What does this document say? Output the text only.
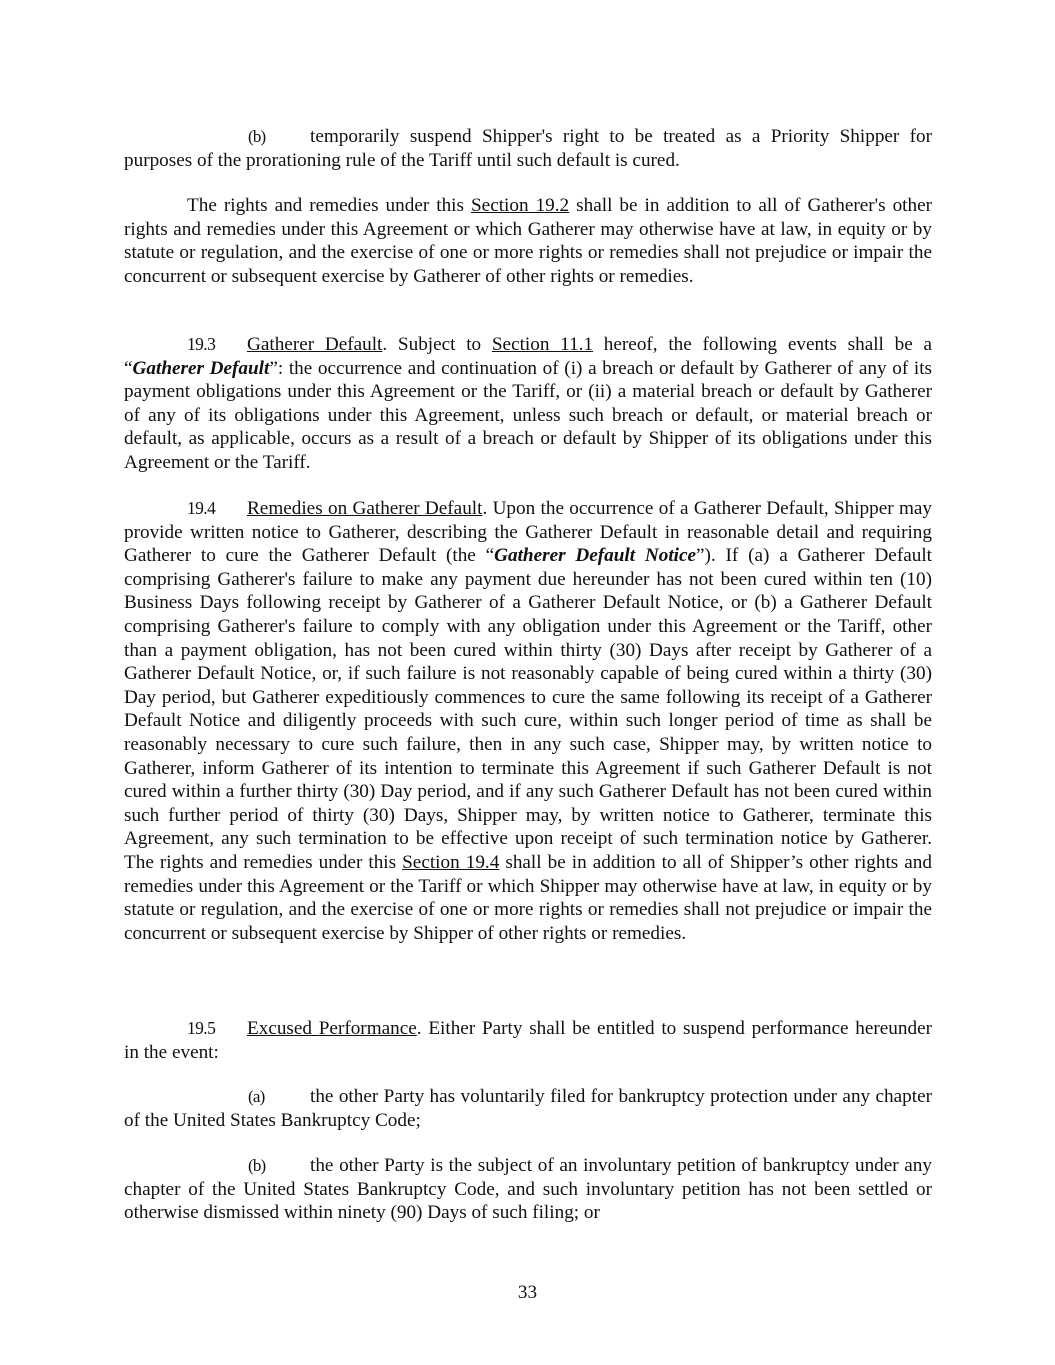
(b) temporarily suspend Shipper's right to be treated as a Priority Shipper for purposes of the prorationing rule of the Tariff until such default is cured.

The rights and remedies under this Section 19.2 shall be in addition to all of Gatherer's other rights and remedies under this Agreement or which Gatherer may otherwise have at law, in equity or by statute or regulation, and the exercise of one or more rights or remedies shall not prejudice or impair the concurrent or subsequent exercise by Gatherer of other rights or remedies.

19.3 Gatherer Default. Subject to Section 11.1 hereof, the following events shall be a “Gatherer Default”: the occurrence and continuation of (i) a breach or default by Gatherer of any of its payment obligations under this Agreement or the Tariff, or (ii) a material breach or default by Gatherer of any of its obligations under this Agreement, unless such breach or default, or material breach or default, as applicable, occurs as a result of a breach or default by Shipper of its obligations under this Agreement or the Tariff.

19.4 Remedies on Gatherer Default. Upon the occurrence of a Gatherer Default, Shipper may provide written notice to Gatherer, describing the Gatherer Default in reasonable detail and requiring Gatherer to cure the Gatherer Default (the “Gatherer Default Notice”). If (a) a Gatherer Default comprising Gatherer's failure to make any payment due hereunder has not been cured within ten (10) Business Days following receipt by Gatherer of a Gatherer Default Notice, or (b) a Gatherer Default comprising Gatherer's failure to comply with any obligation under this Agreement or the Tariff, other than a payment obligation, has not been cured within thirty (30) Days after receipt by Gatherer of a Gatherer Default Notice, or, if such failure is not reasonably capable of being cured within a thirty (30) Day period, but Gatherer expeditiously commences to cure the same following its receipt of a Gatherer Default Notice and diligently proceeds with such cure, within such longer period of time as shall be reasonably necessary to cure such failure, then in any such case, Shipper may, by written notice to Gatherer, inform Gatherer of its intention to terminate this Agreement if such Gatherer Default is not cured within a further thirty (30) Day period, and if any such Gatherer Default has not been cured within such further period of thirty (30) Days, Shipper may, by written notice to Gatherer, terminate this Agreement, any such termination to be effective upon receipt of such termination notice by Gatherer. The rights and remedies under this Section 19.4 shall be in addition to all of Shipper’s other rights and remedies under this Agreement or the Tariff or which Shipper may otherwise have at law, in equity or by statute or regulation, and the exercise of one or more rights or remedies shall not prejudice or impair the concurrent or subsequent exercise by Shipper of other rights or remedies.

19.5 Excused Performance. Either Party shall be entitled to suspend performance hereunder in the event:

(a) the other Party has voluntarily filed for bankruptcy protection under any chapter of the United States Bankruptcy Code;

(b) the other Party is the subject of an involuntary petition of bankruptcy under any chapter of the United States Bankruptcy Code, and such involuntary petition has not been settled or otherwise dismissed within ninety (90) Days of such filing; or

33
